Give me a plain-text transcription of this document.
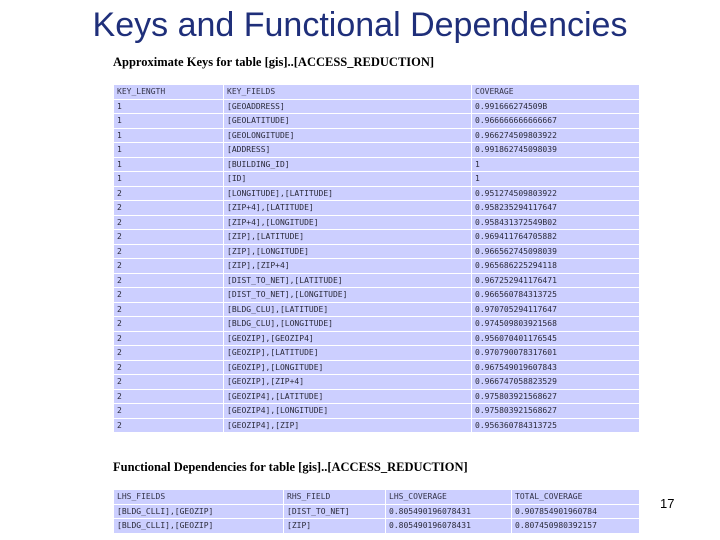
Keys and Functional Dependencies
Approximate Keys for table [gis]..[ACCESS_REDUCTION]
KEY_LENGTH	KEY_FIELDS	COVERAGE
1	[GEOADDRESS]	0.991666274509B
1	[GEOLATITUDE]	0.966666666666667
1	[GEOLONGITUDE]	0.966274509803922
1	[ADDRESS]	0.991862745098039
1	[BUILDING_ID]	1
1	[ID]	1
2	[LONGITUDE],[LATITUDE]	0.951274509803922
2	[ZIP+4],[LATITUDE]	0.958235294117647
2	[ZIP+4],[LONGITUDE]	0.958431372549B02
2	[ZIP],[LATITUDE]	0.969411764705882
2	[ZIP],[LONGITUDE]	0.966562745098039
2	[ZIP],[ZIP+4]	0.965686225294118
2	[DIST_TO_NET],[LATITUDE]	0.967252941176471
2	[DIST_TO_NET],[LONGITUDE]	0.966560784313725
2	[BLDG_CLU],[LATITUDE]	0.970705294117647
2	[BLDG_CLU],[LONGITUDE]	0.974509803921568
2	[GEOZIP],[GEOZIP4]	0.956070401176545
2	[GEOZIP],[LATITUDE]	0.970790078317601
2	[GEOZIP],[LONGITUDE]	0.967549019607843
2	[GEOZIP],[ZIP+4]	0.966747058823529
2	[GEOZIP4],[LATITUDE]	0.975803921568627
2	[GEOZIP4],[LONGITUDE]	0.975803921568627
2	[GEOZIP4],[ZIP]	0.956360784313725
Functional Dependencies for table [gis]..[ACCESS_REDUCTION]
LHS_FIELDS	RHS_FIELD	LHS_COVERAGE	TOTAL_COVERAGE
[BLDG_CLLI],[GEOZIP]	[DIST_TO_NET]	0.805490196078431	0.907854901960784
[BLDG_CLLI],[GEOZIP]	[ZIP]	0.805490196078431	0.807450980392157
17
